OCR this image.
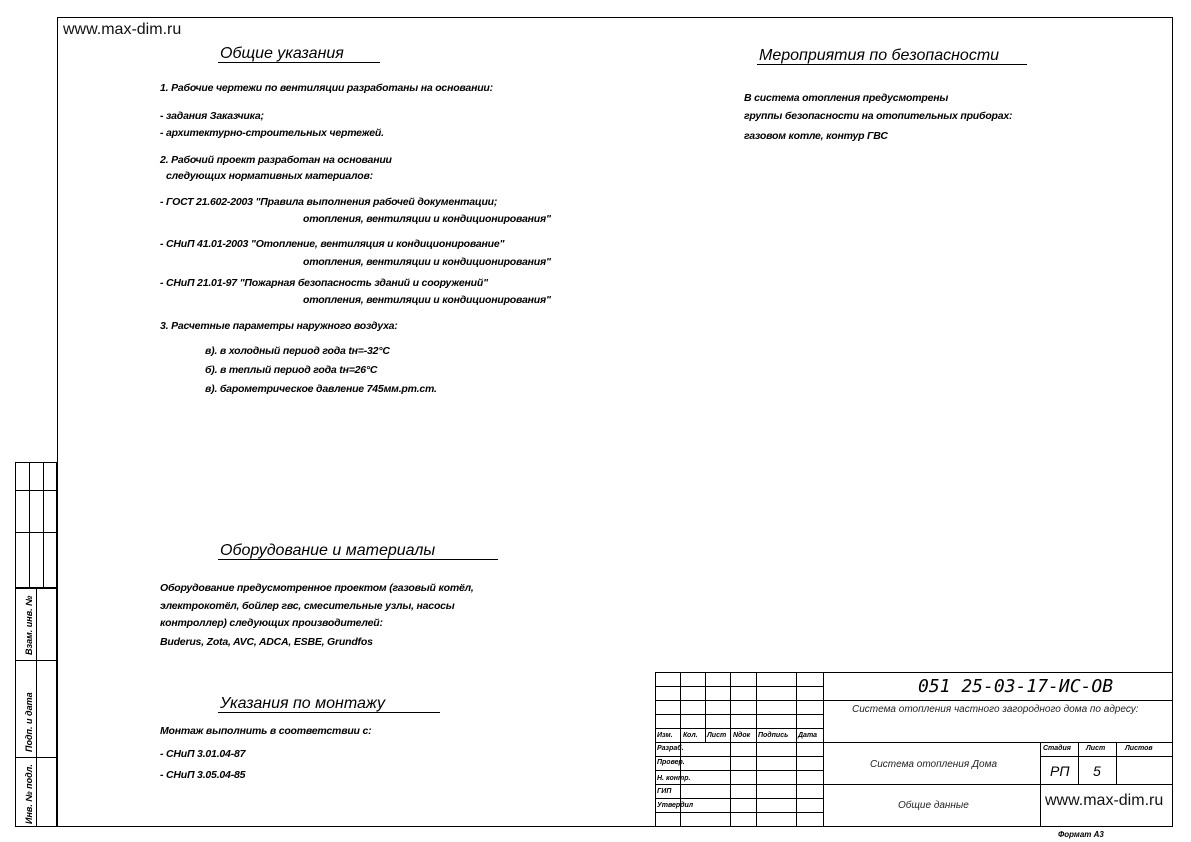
www.max-dim.ru
Общие указания
1. Рабочие чертежи по вентиляции разработаны на основании:
- задания Заказчика;
- архитектурно-строительных чертежей.
2. Рабочий проект разработан на основании
следующих нормативных материалов:
- ГОСТ 21.602-2003 "Правила выполнения рабочей документации;
отопления, вентиляции и кондиционирования"
- СНиП 41.01-2003 "Отопление, вентиляция и кондиционирование"
отопления, вентиляции и кондиционирования"
- СНиП 21.01-97 "Пожарная безопасность зданий и сооружений"
отопления, вентиляции и кондиционирования"
3. Расчетные параметры наружного воздуха:
в). в холодный период года tн=-32°С
б). в теплый период года tн=26°С
в). барометрическое давление 745мм.рт.ст.
Мероприятия по безопасности
В система отопления предусмотрены
группы безопасности на отопительных приборах:
газовом котле, контур ГВС
Оборудование и материалы
Оборудование предусмотренное проектом (газовый котёл,
электрокотёл, бойлер гвс, смесительные узлы, насосы
контроллер) следующих производителей:
Buderus, Zota, AVC, ADCA, ESBE, Grundfos
Указания по монтажу
Монтаж выполнить в соответствии с:
- СНиП 3.01.04-87
- СНиП 3.05.04-85
Взам. инв. №
Подп. и дата
Инв. № подл.
Изм. Кол. Лист Nдок Подпись Дата
Разраб.
Провер.
Н. контр.
ГИП
Утвердил
051 25-03-17-ИС-ОВ
Система отопления частного загородного дома по адресу:
Система отопления Дома
Общие данные
Стадия Лист	Листов
РП 5
www.max-dim.ru
Формат А3
